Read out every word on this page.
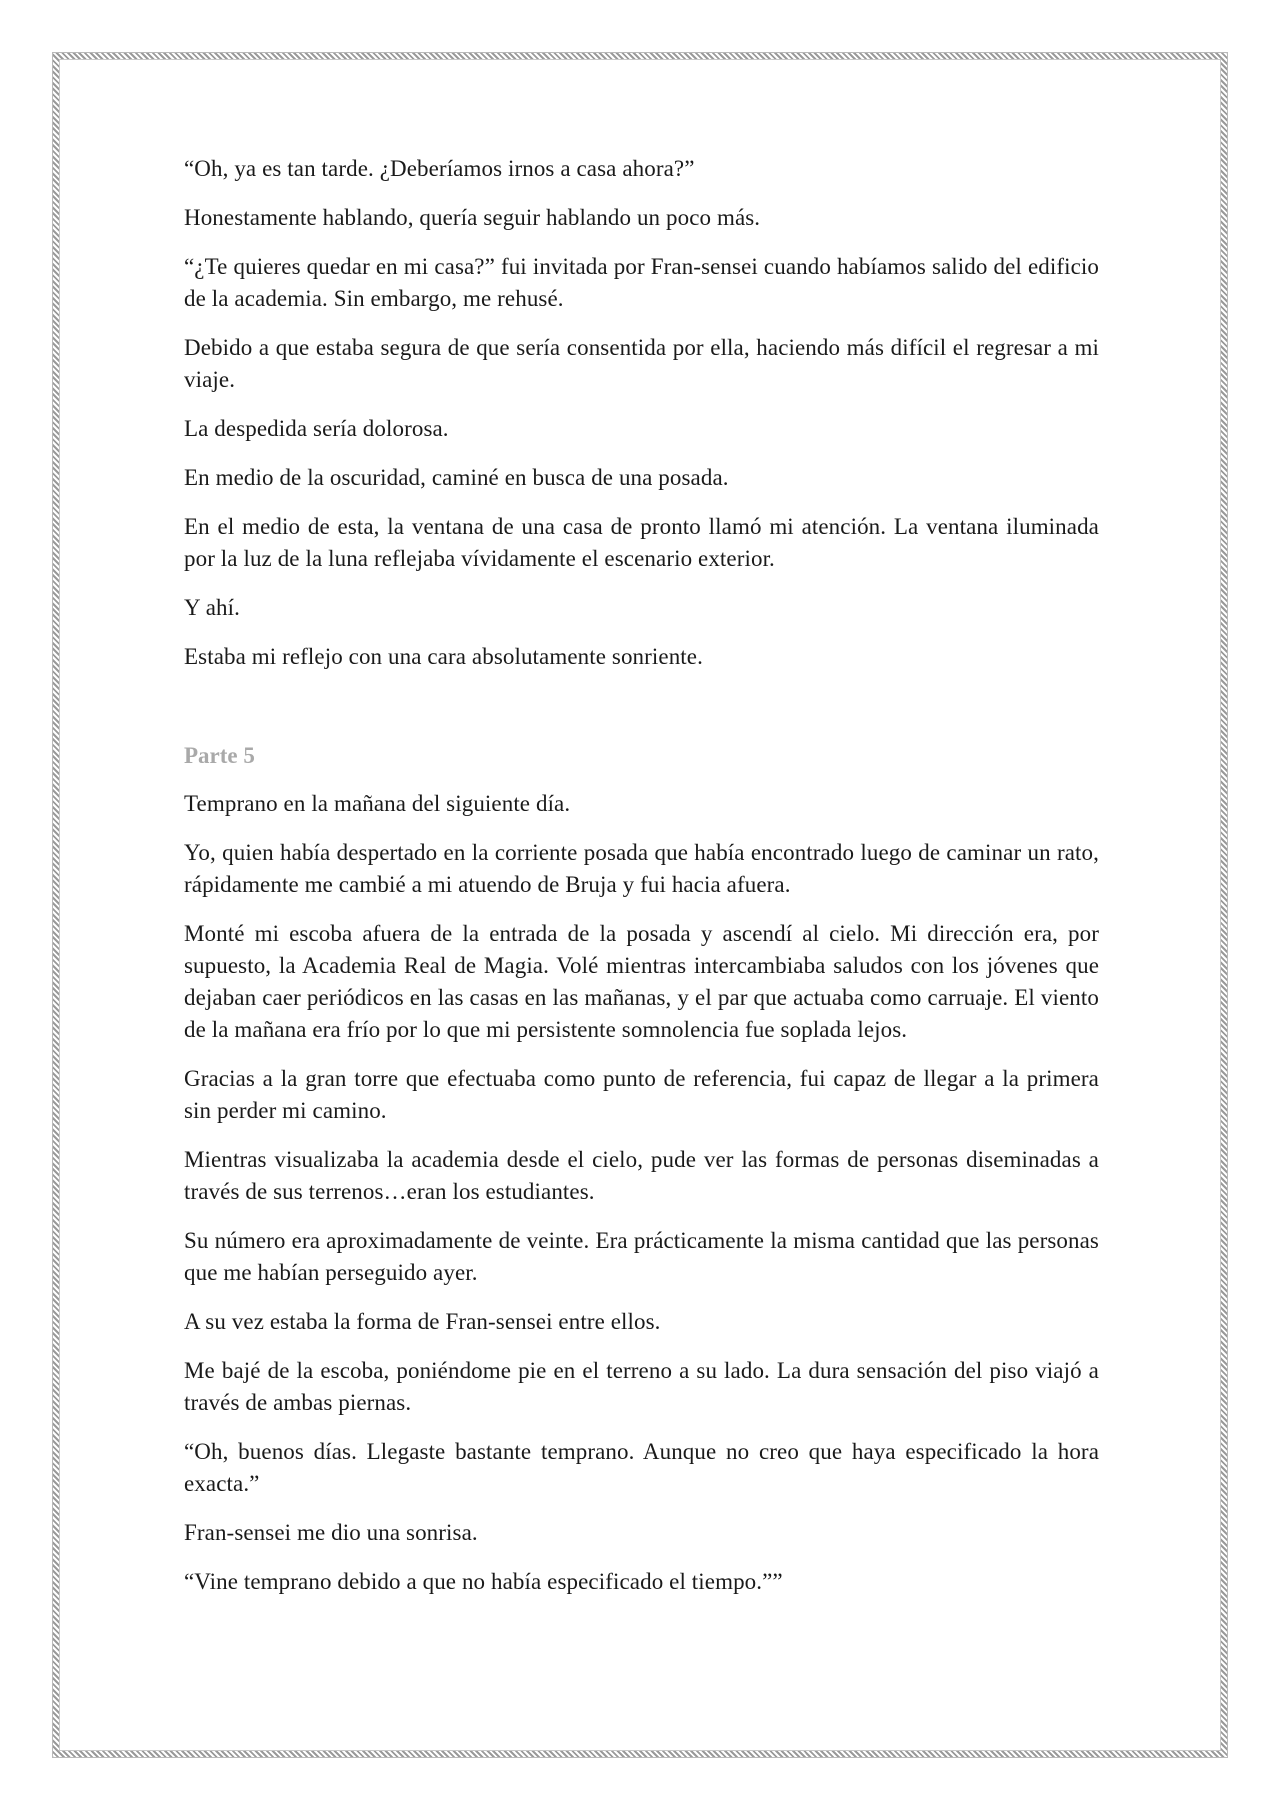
“Oh, ya es tan tarde. ¿Deberíamos irnos a casa ahora?”

Honestamente hablando, quería seguir hablando un poco más.

“¿Te quieres quedar en mi casa?” fui invitada por Fran-sensei cuando habíamos salido del edificio de la academia. Sin embargo, me rehusé.

Debido a que estaba segura de que sería consentida por ella, haciendo más difícil el regresar a mi viaje.

La despedida sería dolorosa.

En medio de la oscuridad, caminé en busca de una posada.

En el medio de esta, la ventana de una casa de pronto llamó mi atención. La ventana iluminada por la luz de la luna reflejaba vívidamente el escenario exterior.

Y ahí.

Estaba mi reflejo con una cara absolutamente sonriente.

Parte 5

Temprano en la mañana del siguiente día.

Yo, quien había despertado en la corriente posada que había encontrado luego de caminar un rato, rápidamente me cambié a mi atuendo de Bruja y fui hacia afuera.

Monté mi escoba afuera de la entrada de la posada y ascendí al cielo. Mi dirección era, por supuesto, la Academia Real de Magia. Volé mientras intercambiaba saludos con los jóvenes que dejaban caer periódicos en las casas en las mañanas, y el par que actuaba como carruaje. El viento de la mañana era frío por lo que mi persistente somnolencia fue soplada lejos.

Gracias a la gran torre que efectuaba como punto de referencia, fui capaz de llegar a la primera sin perder mi camino.

Mientras visualizaba la academia desde el cielo, pude ver las formas de personas diseminadas a través de sus terrenos…eran los estudiantes.

Su número era aproximadamente de veinte. Era prácticamente la misma cantidad que las personas que me habían perseguido ayer.

A su vez estaba la forma de Fran-sensei entre ellos.

Me bajé de la escoba, poniéndome pie en el terreno a su lado. La dura sensación del piso viajó a través de ambas piernas.

“Oh, buenos días. Llegaste bastante temprano. Aunque no creo que haya especificado la hora exacta.”

Fran-sensei me dio una sonrisa.

“Vine temprano debido a que no había especificado el tiempo.””
